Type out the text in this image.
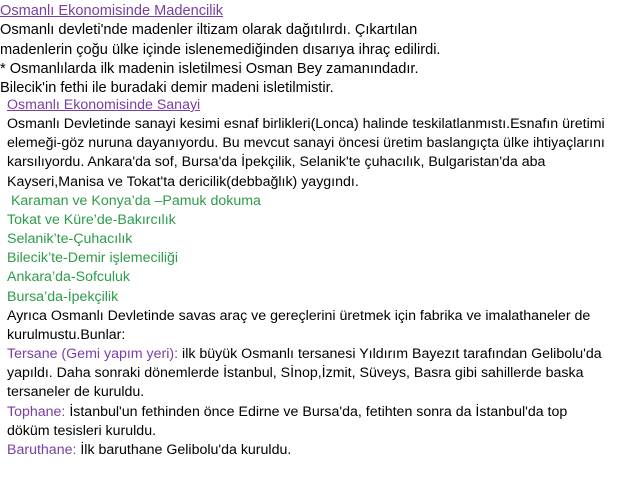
Osmanlı Ekonomisinde Madencilik
Osmanlı devleti'nde madenler iltizam olarak dağıtılırdı. Çıkartılan
madenlerin çoğu ülke içinde islenemediğinden dısarıya ihraç edilirdi.
* Osmanlılarda ilk madenin isletilmesi Osman Bey zamanındadır.
Bilecik'in fethi ile buradaki demir madeni isletilmistir.
Osmanlı Ekonomisinde Sanayi
Osmanlı Devletinde sanayi kesimi esnaf birlikleri(Lonca) halinde teskilatlanmıstı.Esnafın üretimi
elemeği-göz nuruna dayanıyordu. Bu mevcut sanayi öncesi üretim baslangıçta ülke ihtiyaçlarını
karsılıyordu. Ankara'da sof, Bursa'da İpekçilik, Selanik'te çuhacılık, Bulgaristan'da aba
Kayseri,Manisa ve Tokat'ta dericilik(debbağlık) yaygındı.
Karaman ve Konya’da –Pamuk dokuma
Tokat ve Küre’de-Bakırcılık
Selanik’te-Çuhacılık
Bilecik’te-Demir işlemeciliği
Ankara’da-Sofculuk
Bursa’da-İpekçilik
Ayrıca Osmanlı Devletinde savas araç ve gereçlerini üretmek için fabrika ve imalathaneler de
kurulmustu.Bunlar:
Tersane (Gemi yapım yeri): ilk büyük Osmanlı tersanesi Yıldırım Bayezıt tarafından Gelibolu'da
yapıldı. Daha sonraki dönemlerde İstanbul, Sİnop,İzmit, Süveys, Basra gibi sahillerde baska
tersaneler de kuruldu.
Tophane: İstanbul'un fethinden önce Edirne ve Bursa'da, fetihten sonra da İstanbul'da top
döküm tesisleri kuruldu.
Baruthane: İlk baruthane Gelibolu'da kuruldu.
